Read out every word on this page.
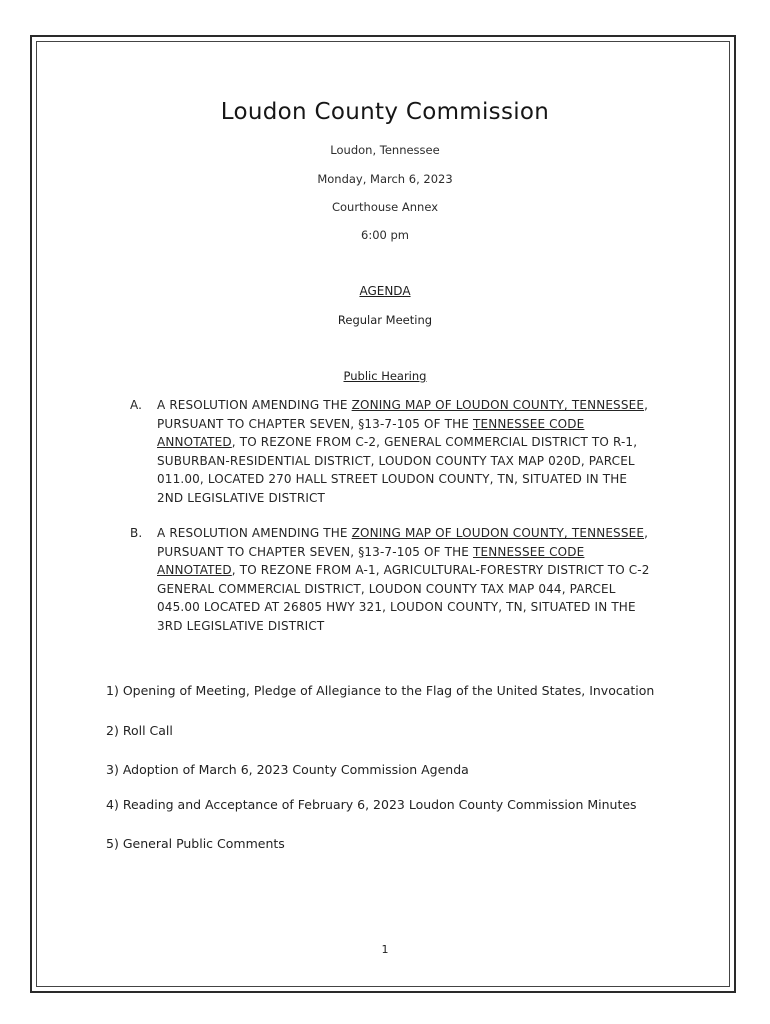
Loudon County Commission
Loudon, Tennessee
Monday, March 6, 2023
Courthouse Annex
6:00 pm
AGENDA
Regular Meeting
Public Hearing
A. A RESOLUTION AMENDING THE ZONING MAP OF LOUDON COUNTY, TENNESSEE, PURSUANT TO CHAPTER SEVEN, §13-7-105 OF THE TENNESSEE CODE ANNOTATED, TO REZONE FROM C-2, GENERAL COMMERCIAL DISTRICT TO R-1, SUBURBAN-RESIDENTIAL DISTRICT, LOUDON COUNTY TAX MAP 020D, PARCEL 011.00, LOCATED 270 HALL STREET LOUDON COUNTY, TN, SITUATED IN THE 2ND LEGISLATIVE DISTRICT
B. A RESOLUTION AMENDING THE ZONING MAP OF LOUDON COUNTY, TENNESSEE, PURSUANT TO CHAPTER SEVEN, §13-7-105 OF THE TENNESSEE CODE ANNOTATED, TO REZONE FROM A-1, AGRICULTURAL-FORESTRY DISTRICT TO C-2 GENERAL COMMERCIAL DISTRICT, LOUDON COUNTY TAX MAP 044, PARCEL 045.00 LOCATED AT 26805 HWY 321, LOUDON COUNTY, TN, SITUATED IN THE 3RD LEGISLATIVE DISTRICT
1) Opening of Meeting, Pledge of Allegiance to the Flag of the United States, Invocation
2) Roll Call
3) Adoption of March 6, 2023 County Commission Agenda
4) Reading and Acceptance of February 6, 2023 Loudon County Commission Minutes
5) General Public Comments
1
